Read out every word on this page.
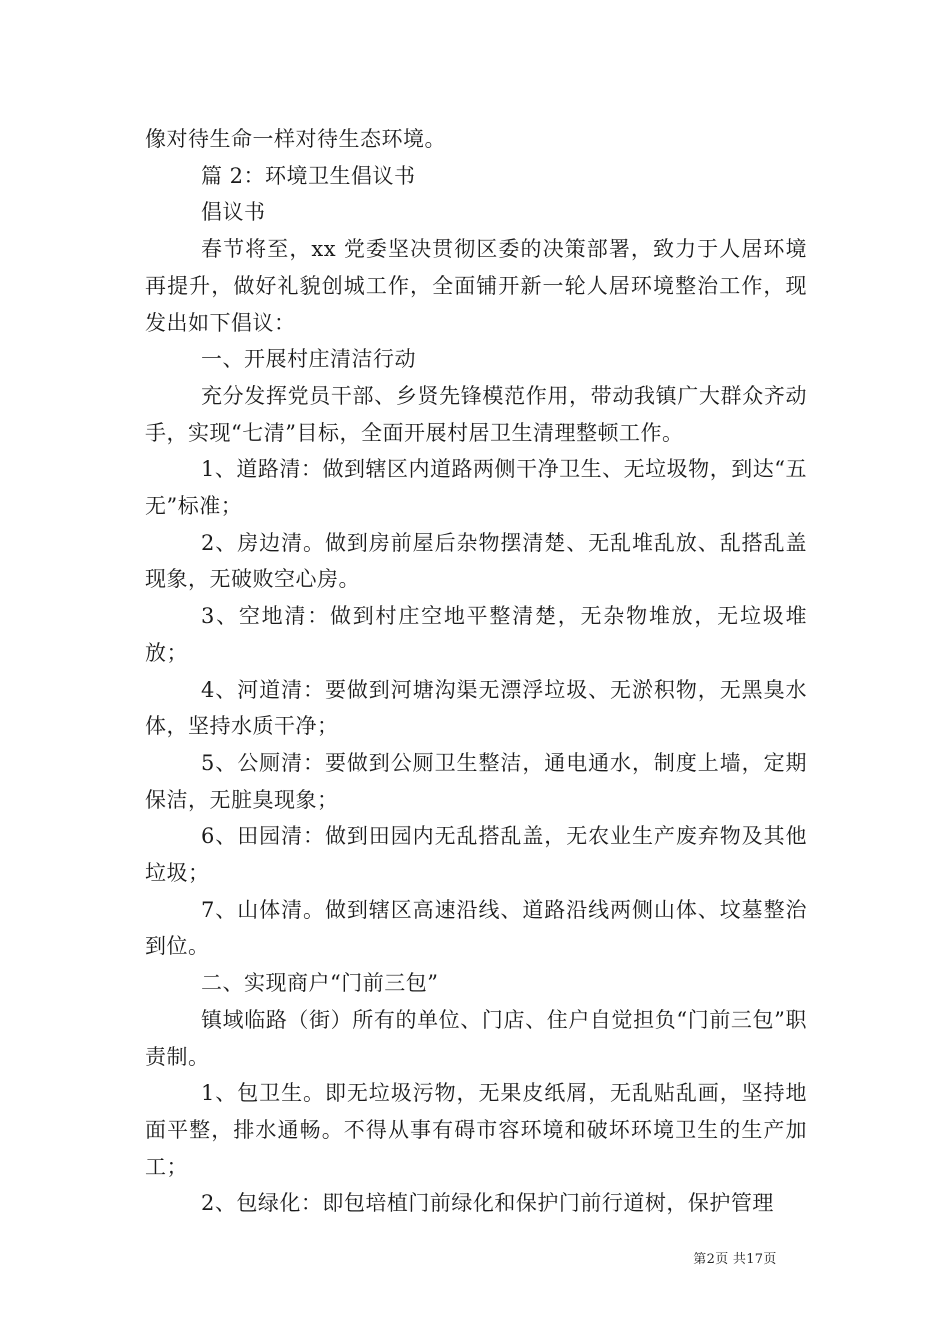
像对待生命一样对待生态环境。

篇 2：环境卫生倡议书

倡议书

春节将至，xx 党委坚决贯彻区委的决策部署，致力于人居环境再提升，做好礼貌创城工作，全面铺开新一轮人居环境整治工作，现发出如下倡议：

一、开展村庄清洁行动

充分发挥党员干部、乡贤先锋模范作用，带动我镇广大群众齐动手，实现“七清”目标，全面开展村居卫生清理整顿工作。

1、道路清：做到辖区内道路两侧干净卫生、无垃圾物，到达“五无”标准；

2、房边清。做到房前屋后杂物摆清楚、无乱堆乱放、乱搭乱盖现象，无破败空心房。

3、空地清：做到村庄空地平整清楚，无杂物堆放，无垃圾堆放；

4、河道清：要做到河塘沟渠无漂浮垃圾、无淤积物，无黑臭水体，坚持水质干净；

5、公厕清：要做到公厕卫生整洁，通电通水，制度上墙，定期保洁，无脏臭现象；

6、田园清：做到田园内无乱搭乱盖，无农业生产废弃物及其他垃圾；

7、山体清。做到辖区高速沿线、道路沿线两侧山体、坟墓整治到位。

二、实现商户“门前三包”

镇域临路（街）所有的单位、门店、住户自觉担负“门前三包”职责制。

1、包卫生。即无垃圾污物，无果皮纸屑，无乱贴乱画，坚持地面平整，排水通畅。不得从事有碍市容环境和破坏环境卫生的生产加工；

2、包绿化：即包培植门前绿化和保护门前行道树，保护管理

第2页 共17页
